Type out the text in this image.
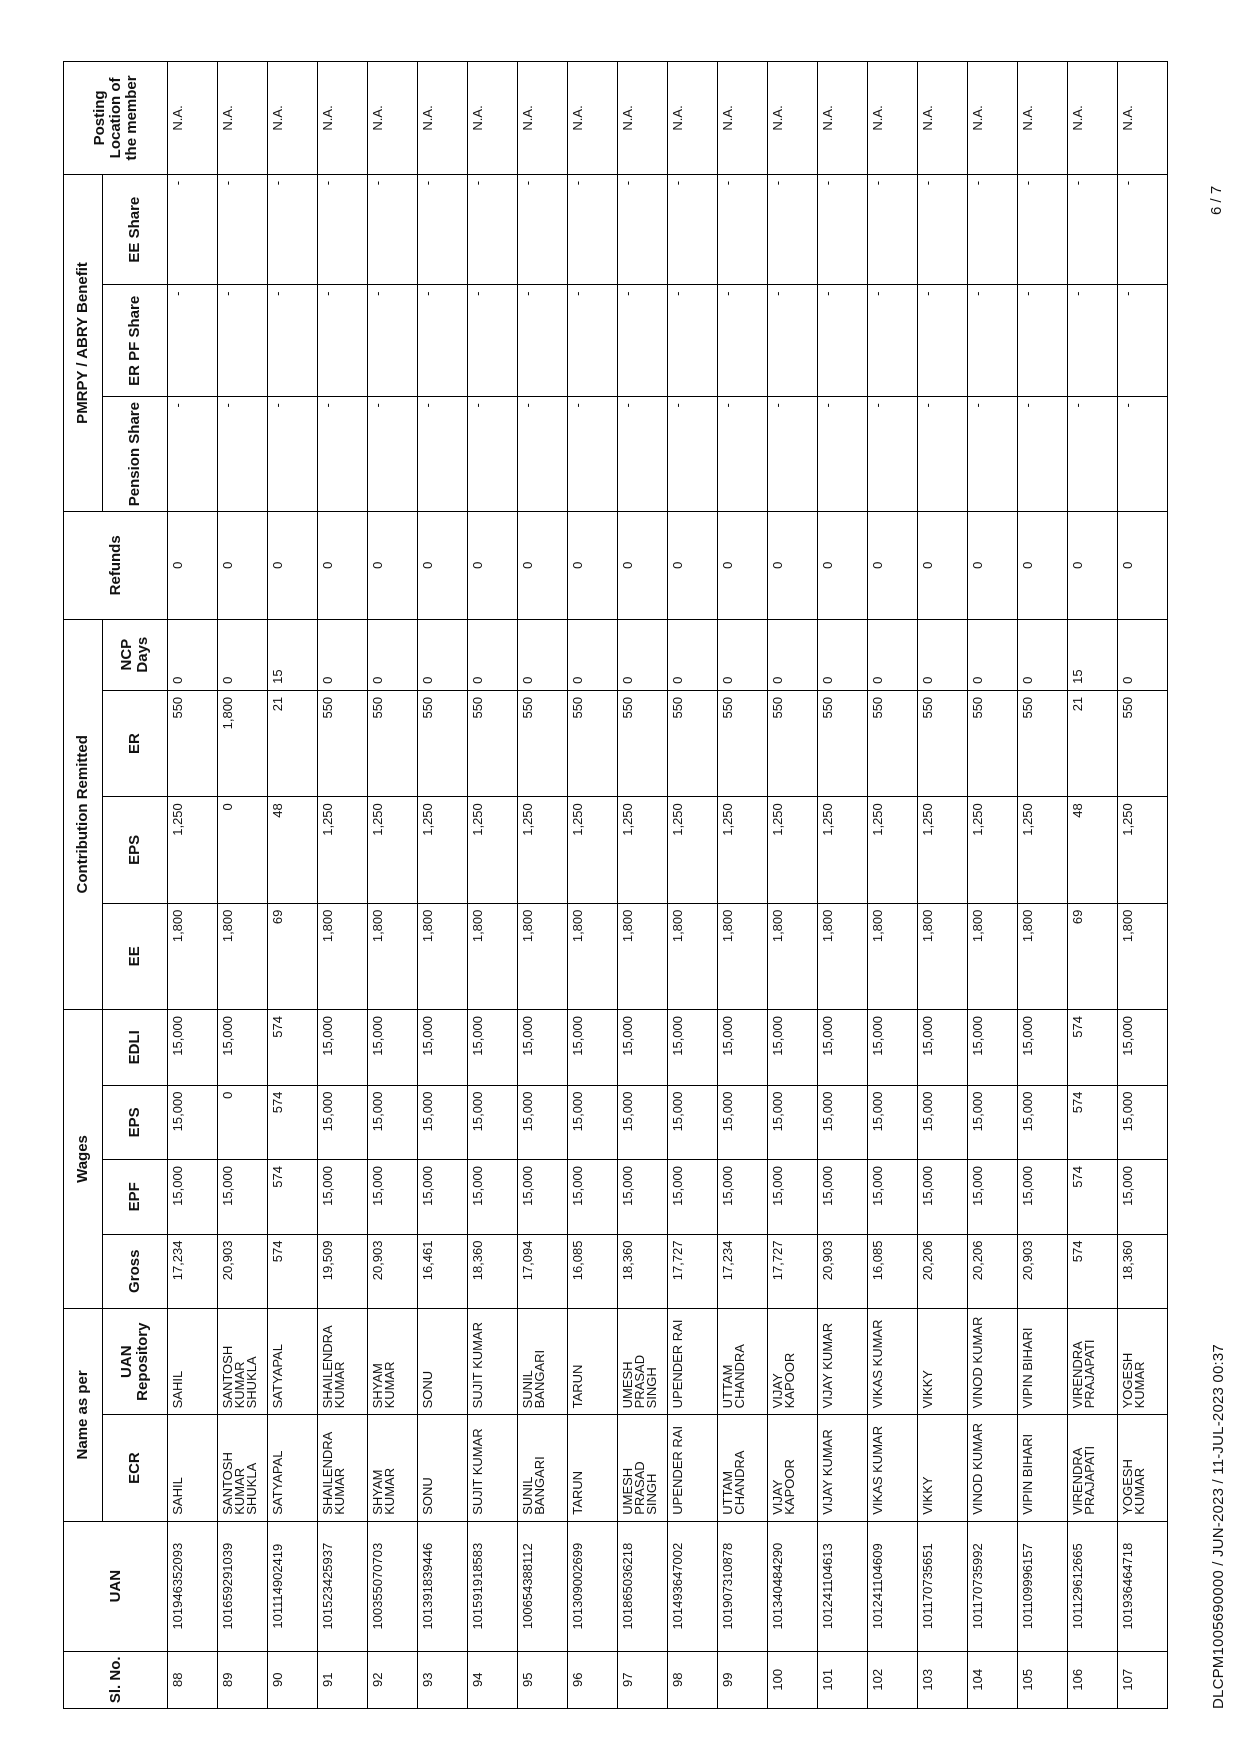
Sl. No.	UAN	Name as per		Wages				Contribution Remitted				Refunds	PMRPY / ABRY Benefit			Posting Location of the member
		ECR	UAN Repository	Gross	EPF	EPS	EDLI	EE	EPS	ER	NCP Days		Pension Share	ER PF Share	EE Share	
88	101946352093	SAHIL	SAHIL	17,234	15,000	15,000	15,000	1,800	1,250	550	0	0	-	-	-	N.A.
89	101659291039	SANTOSH KUMAR SHUKLA	SANTOSH KUMAR SHUKLA	20,903	15,000	0	15,000	1,800	0	1,800	0	0	-	-	-	N.A.
90	101114902419	SATYAPAL	SATYAPAL	574	574	574	574	69	48	21	15	0	-	-	-	N.A.
91	101523425937	SHAILENDRA KUMAR	SHAILENDRA KUMAR	19,509	15,000	15,000	15,000	1,800	1,250	550	0	0	-	-	-	N.A.
92	100355070703	SHYAM KUMAR	SHYAM KUMAR	20,903	15,000	15,000	15,000	1,800	1,250	550	0	0	-	-	-	N.A.
93	101391839446	SONU	SONU	16,461	15,000	15,000	15,000	1,800	1,250	550	0	0	-	-	-	N.A.
94	101591918583	SUJIT KUMAR	SUJIT KUMAR	18,360	15,000	15,000	15,000	1,800	1,250	550	0	0	-	-	-	N.A.
95	100654388112	SUNIL BANGARI	SUNIL BANGARI	17,094	15,000	15,000	15,000	1,800	1,250	550	0	0	-	-	-	N.A.
96	101309002699	TARUN	TARUN	16,085	15,000	15,000	15,000	1,800	1,250	550	0	0	-	-	-	N.A.
97	101865036218	UMESH PRASAD SINGH	UMESH PRASAD SINGH	18,360	15,000	15,000	15,000	1,800	1,250	550	0	0	-	-	-	N.A.
98	101493647002	UPENDER RAI	UPENDER RAI	17,727	15,000	15,000	15,000	1,800	1,250	550	0	0	-	-	-	N.A.
99	101907310878	UTTAM CHANDRA	UTTAM CHANDRA	17,234	15,000	15,000	15,000	1,800	1,250	550	0	0	-	-	-	N.A.
100	101340484290	VIJAY KAPOOR	VIJAY KAPOOR	17,727	15,000	15,000	15,000	1,800	1,250	550	0	0	-	-	-	N.A.
101	101241104613	VIJAY KUMAR	VIJAY KUMAR	20,903	15,000	15,000	15,000	1,800	1,250	550	0	0	-	-	-	N.A.
102	101241104609	VIKAS KUMAR	VIKAS KUMAR	16,085	15,000	15,000	15,000	1,800	1,250	550	0	0	-	-	-	N.A.
103	101170735651	VIKKY	VIKKY	20,206	15,000	15,000	15,000	1,800	1,250	550	0	0	-	-	-	N.A.
104	101170735992	VINOD KUMAR	VINOD KUMAR	20,206	15,000	15,000	15,000	1,800	1,250	550	0	0	-	-	-	N.A.
105	101109996157	VIPIN BIHARI	VIPIN BIHARI	20,903	15,000	15,000	15,000	1,800	1,250	550	0	0	-	-	-	N.A.
106	101129612665	VIRENDRA PRAJAPATI	VIRENDRA PRAJAPATI	574	574	574	574	69	48	21	15	0	-	-	-	N.A.
107	101936464718	YOGESH KUMAR	YOGESH KUMAR	18,360	15,000	15,000	15,000	1,800	1,250	550	0	0	-	-	-	N.A.
DLCPM1005690000 / JUN-2023 / 11-JUL-2023 00:37
6 / 7
